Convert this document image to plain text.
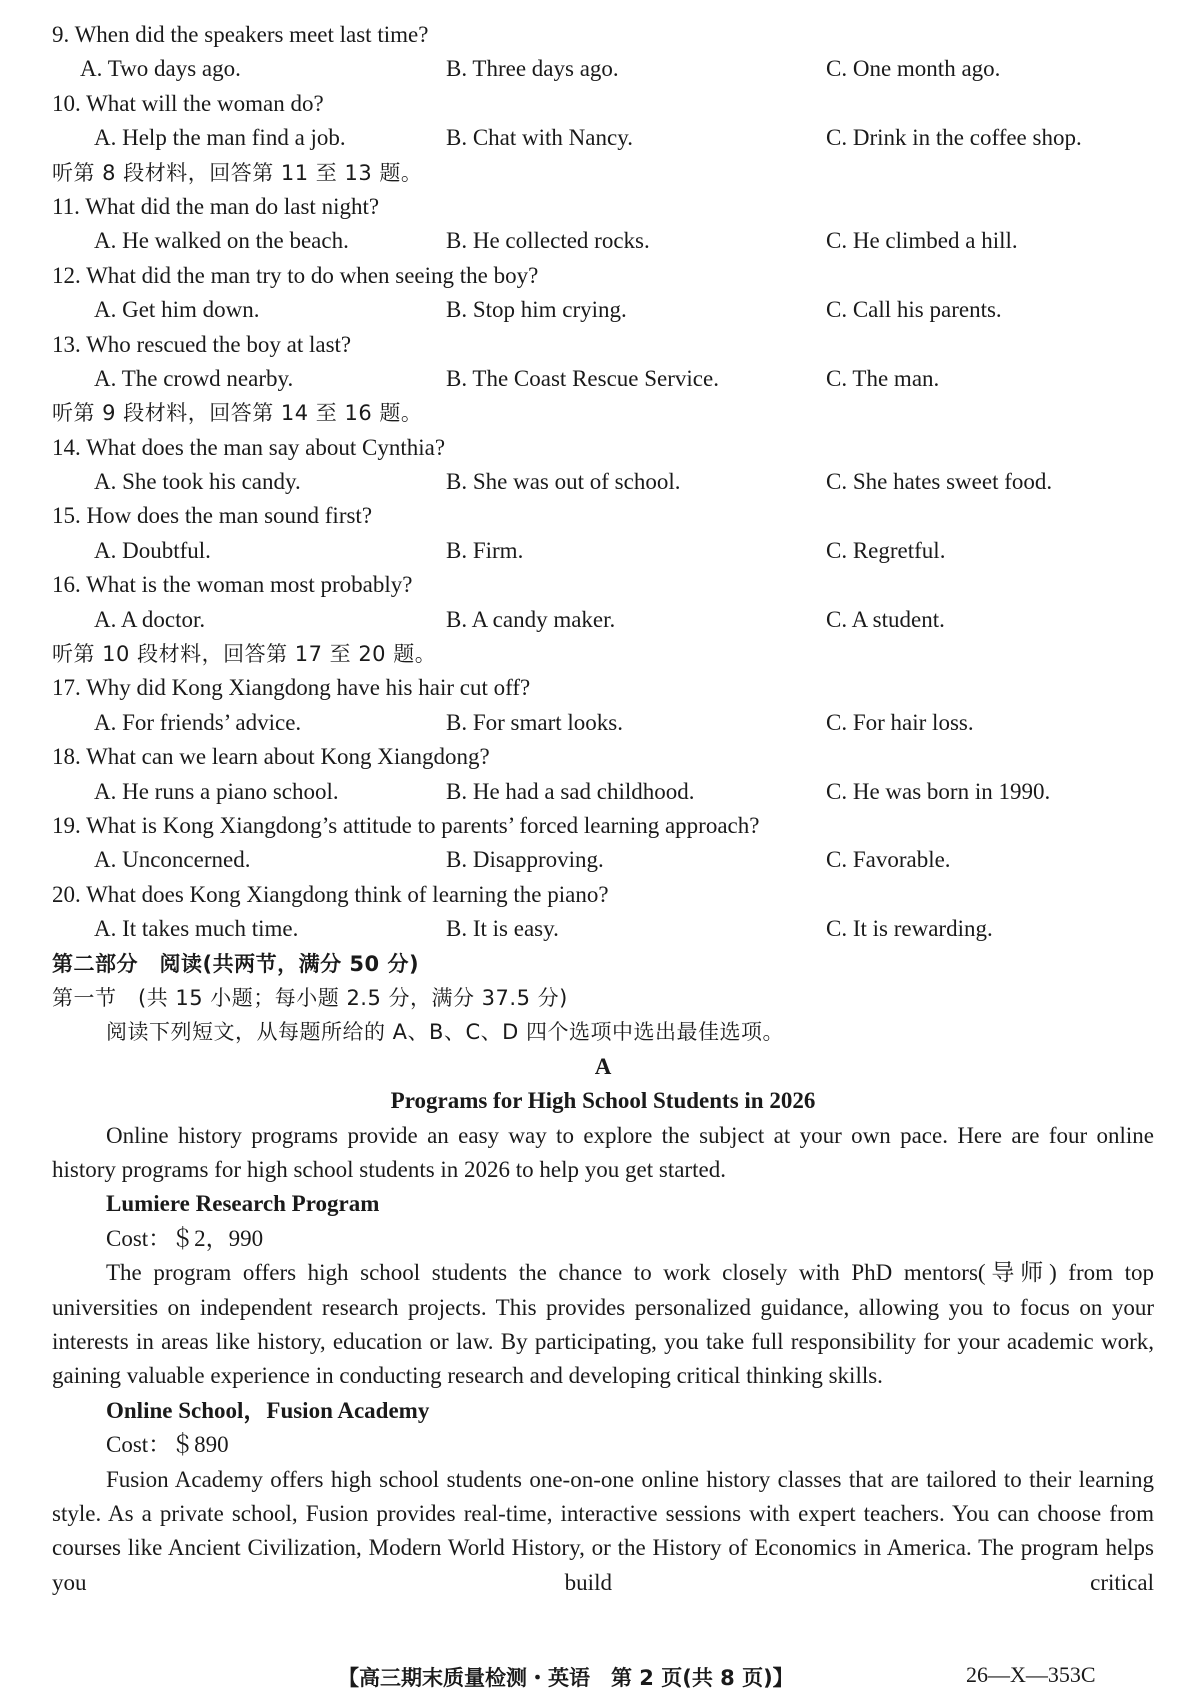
9. When did the speakers meet last time?
A. Two days ago.	B. Three days ago.	C. One month ago.
10. What will the woman do?
A. Help the man find a job.	B. Chat with Nancy.	C. Drink in the coffee shop.
听第 8 段材料，回答第 11 至 13 题。
11. What did the man do last night?
A. He walked on the beach.	B. He collected rocks.	C. He climbed a hill.
12. What did the man try to do when seeing the boy?
A. Get him down.	B. Stop him crying.	C. Call his parents.
13. Who rescued the boy at last?
A. The crowd nearby.	B. The Coast Rescue Service.	C. The man.
听第 9 段材料，回答第 14 至 16 题。
14. What does the man say about Cynthia?
A. She took his candy.	B. She was out of school.	C. She hates sweet food.
15. How does the man sound first?
A. Doubtful.	B. Firm.	C. Regretful.
16. What is the woman most probably?
A. A doctor.	B. A candy maker.	C. A student.
听第 10 段材料，回答第 17 至 20 题。
17. Why did Kong Xiangdong have his hair cut off?
A. For friends’ advice.	B. For smart looks.	C. For hair loss.
18. What can we learn about Kong Xiangdong?
A. He runs a piano school.	B. He had a sad childhood.	C. He was born in 1990.
19. What is Kong Xiangdong’s attitude to parents’ forced learning approach?
A. Unconcerned.	B. Disapproving.	C. Favorable.
20. What does Kong Xiangdong think of learning the piano?
A. It takes much time.	B. It is easy.	C. It is rewarding.
第二部分　阅读(共两节，满分 50 分)
第一节　(共 15 小题；每小题 2.5 分，满分 37.5 分)
阅读下列短文，从每题所给的 A、B、C、D 四个选项中选出最佳选项。
A
Programs for High School Students in 2026

Online history programs provide an easy way to explore the subject at your own pace. Here are four online history programs for high school students in 2026 to help you get started.

Lumiere Research Program
Cost：＄2，990

The program offers high school students the chance to work closely with PhD mentors(导师) from top universities on independent research projects. This provides personalized guidance, allowing you to focus on your interests in areas like history, education or law. By participating, you take full responsibility for your academic work, gaining valuable experience in conducting research and developing critical thinking skills.

Online School，Fusion Academy
Cost：＄890

Fusion Academy offers high school students one-on-one online history classes that are tailored to their learning style. As a private school, Fusion provides real-time, interactive sessions with expert teachers. You can choose from courses like Ancient Civilization, Modern World History, or the History of Economics in America. The program helps you build critical

【高三期末质量检测・英语　第 2 页(共 8 页)】	26—X—353C
